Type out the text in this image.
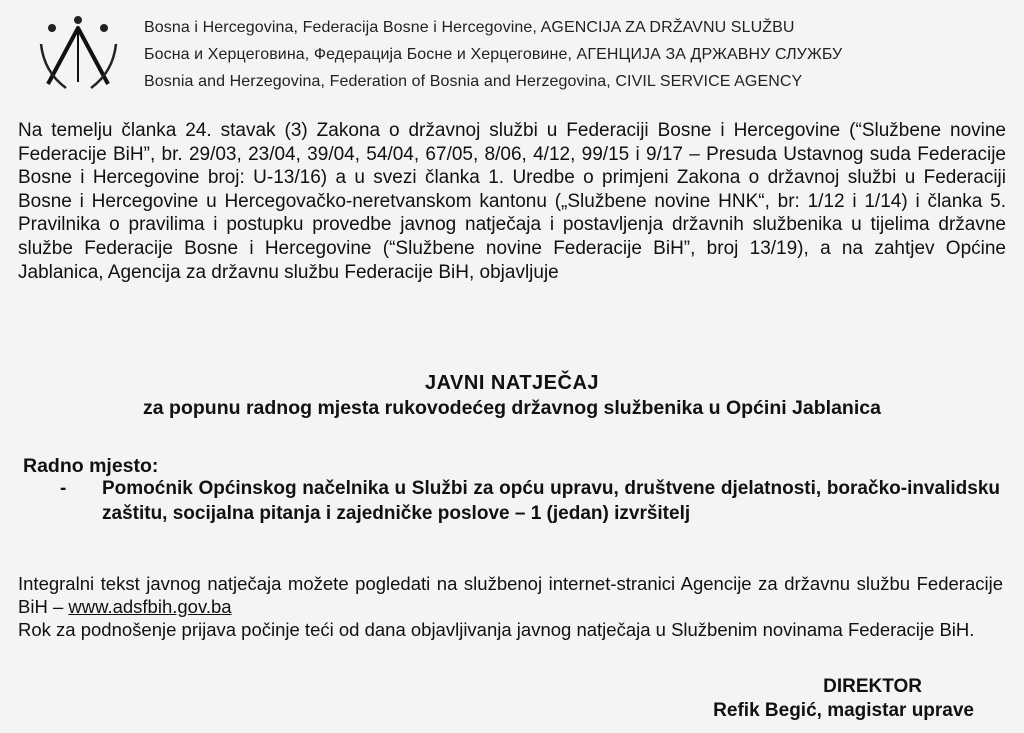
Bosna i Hercegovina, Federacija Bosne i Hercegovine, AGENCIJA ZA DRŽAVNU SLUŽBU
Босна и Херцеговина, Федерација Босне и Херцеговине, АГЕНЦИЈА ЗА ДРЖАВНУ СЛУЖБУ
Bosnia and Herzegovina, Federation of Bosnia and Herzegovina, CIVIL SERVICE AGENCY

Na temelju članka 24. stavak (3) Zakona o državnoj službi u Federaciji Bosne i Hercegovine (“Službene novine Federacije BiH”, br. 29/03, 23/04, 39/04, 54/04, 67/05, 8/06, 4/12, 99/15 i 9/17 – Presuda Ustavnog suda Federacije Bosne i Hercegovine broj: U-13/16) a u svezi članka 1. Uredbe o primjeni Zakona o državnoj službi u Federaciji Bosne i Hercegovine u Hercegovačko-neretvanskom kantonu („Službene novine HNK“, br: 1/12 i 1/14) i članka 5. Pravilnika o pravilima i postupku provedbe javnog natječaja i postavljenja državnih službenika u tijelima državne službe Federacije Bosne i Hercegovine (“Službene novine Federacije BiH”, broj 13/19), a na zahtjev Općine Jablanica, Agencija za državnu službu Federacije BiH, objavljuje

JAVNI NATJEČAJ
za popunu radnog mjesta rukovodećeg državnog službenika u Općini Jablanica
Radno mjesto:
- Pomoćnik Općinskog načelnika u Službi za opću upravu, društvene djelatnosti, boračko-invalidsku zaštitu, socijalna pitanja i zajedničke poslove – 1 (jedan) izvršitelj

Integralni tekst javnog natječaja možete pogledati na službenoj internet-stranici Agencije za državnu službu Federacije BiH – www.adsfbih.gov.ba

Rok za podnošenje prijava počinje teći od dana objavljivanja javnog natječaja u Službenim novinama Federacije BiH.

DIREKTOR
Refik Begić, magistar uprave
